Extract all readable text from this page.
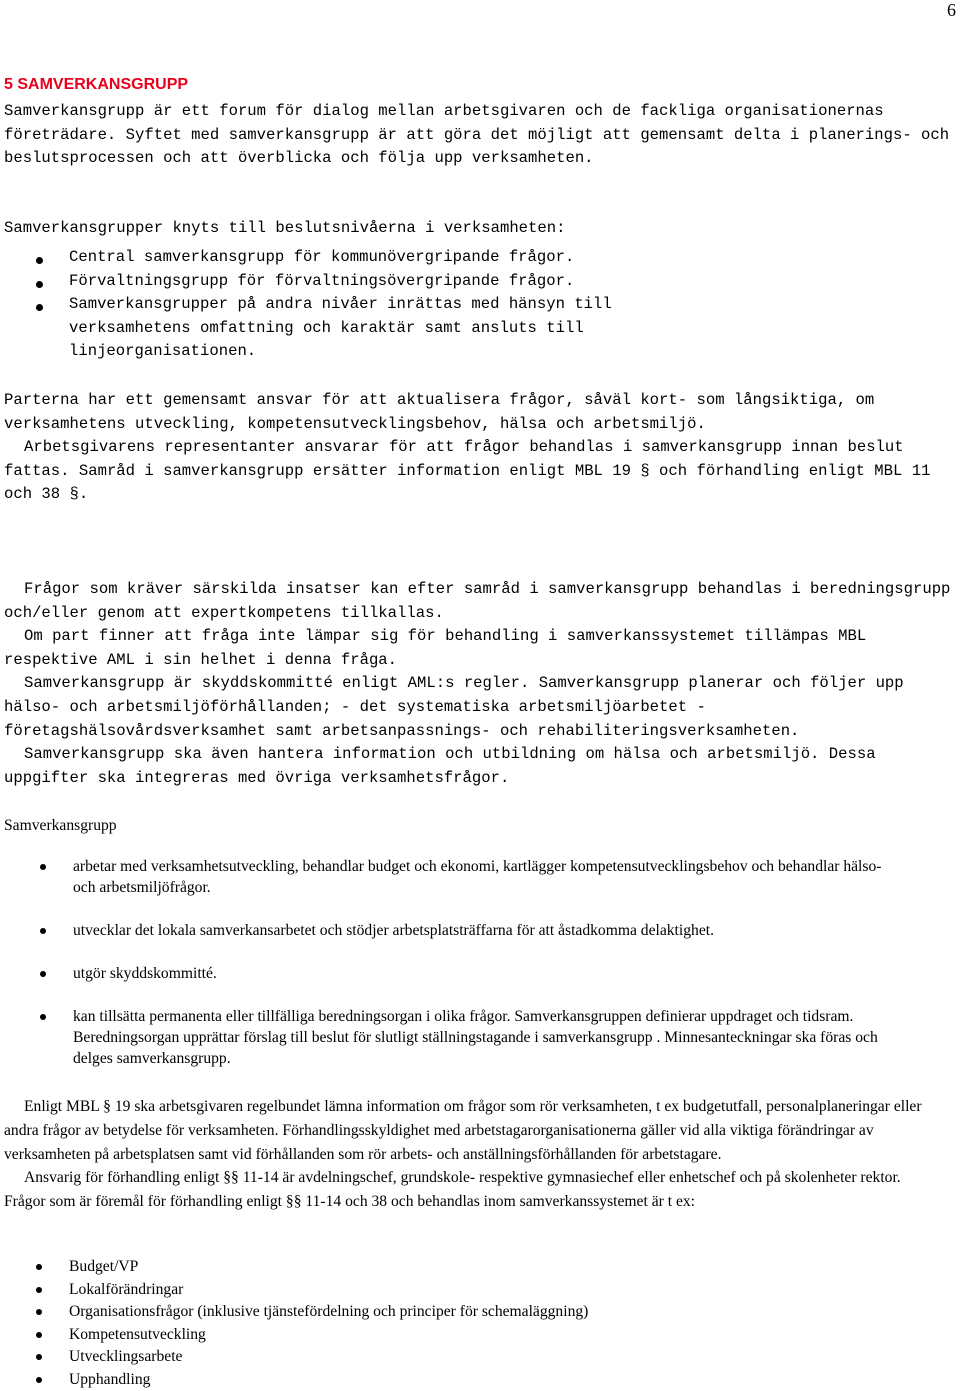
6
5 SAMVERKANSGRUPP

Samverkansgrupp är ett forum för dialog mellan arbetsgivaren och de fackliga organisationernas företrädare. Syftet med samverkansgrupp är att göra det möjligt att gemensamt delta i planerings- och beslutsprocessen och att överblicka och följa upp verksamheten.

Samverkansgrupper knyts till beslutsnivåerna i verksamheten:

Central samverkansgrupp för kommunövergripande frågor.
Förvaltningsgrupp för förvaltningsövergripande frågor.
Samverkansgrupper på andra nivåer inrättas med hänsyn till verksamhetens omfattning och karaktär samt ansluts till linjeorganisationen.

Parterna har ett gemensamt ansvar för att aktualisera frågor, såväl kort- som långsiktiga, om verksamhetens utveckling, kompetensutvecklingsbehov, hälsa och arbetsmiljö.

Arbetsgivarens representanter ansvarar för att frågor behandlas i samverkansgrupp innan beslut fattas. Samråd i samverkansgrupp ersätter information enligt MBL 19 § och förhandling enligt MBL 11 och 38 §.

Frågor som kräver särskilda insatser kan efter samråd i samverkansgrupp behandlas i beredningsgrupp och/eller genom att expertkompetens tillkallas.

Om part finner att fråga inte lämpar sig för behandling i samverkanssystemet tillämpas MBL respektive AML i sin helhet i denna fråga.

Samverkansgrupp är skyddskommitté enligt AML:s regler. Samverkansgrupp planerar och följer upp hälso- och arbetsmiljöförhållanden; - det systematiska arbetsmiljöarbetet - företagshälsovårdsverksamhet samt arbetsanpassnings- och rehabiliteringsverksamheten.

Samverkansgrupp ska även hantera information och utbildning om hälsa och arbetsmiljö. Dessa uppgifter ska integreras med övriga verksamhetsfrågor.

Samverkansgrupp

arbetar med verksamhetsutveckling, behandlar budget och ekonomi, kartlägger kompetensutvecklingsbehov och behandlar hälso- och arbetsmiljöfrågor.
utvecklar det lokala samverkansarbetet och stödjer arbetsplatsträffarna för att åstadkomma delaktighet.
utgör skyddskommitté.
kan tillsätta permanenta eller tillfälliga beredningsorgan i olika frågor. Samverkansgruppen definierar uppdraget och tidsram. Beredningsorgan upprättar förslag till beslut för slutligt ställningstagande i samverkansgrupp . Minnesanteckningar ska föras och delges samverkansgrupp.

Enligt MBL § 19 ska arbetsgivaren regelbundet lämna information om frågor som rör verksamheten, t ex budgetutfall, personalplaneringar eller andra frågor av betydelse för verksamheten. Förhandlingsskyldighet med arbetstagarorganisationerna gäller vid alla viktiga förändringar av verksamheten på arbetsplatsen samt vid förhållanden som rör arbets- och anställningsförhållanden för arbetstagare.

Ansvarig för förhandling enligt §§ 11-14 är avdelningschef, grundskole- respektive gymnasiechef eller enhetschef och på skolenheter rektor.

Frågor som är föremål för förhandling enligt §§ 11-14 och 38 och behandlas inom samverkanssystemet är t ex:

Budget/VP
Lokalförändringar
Organisationsfrågor (inklusive tjänstefördelning och principer för schemaläggning)
Kompetensutveckling
Utvecklingsarbete
Upphandling
